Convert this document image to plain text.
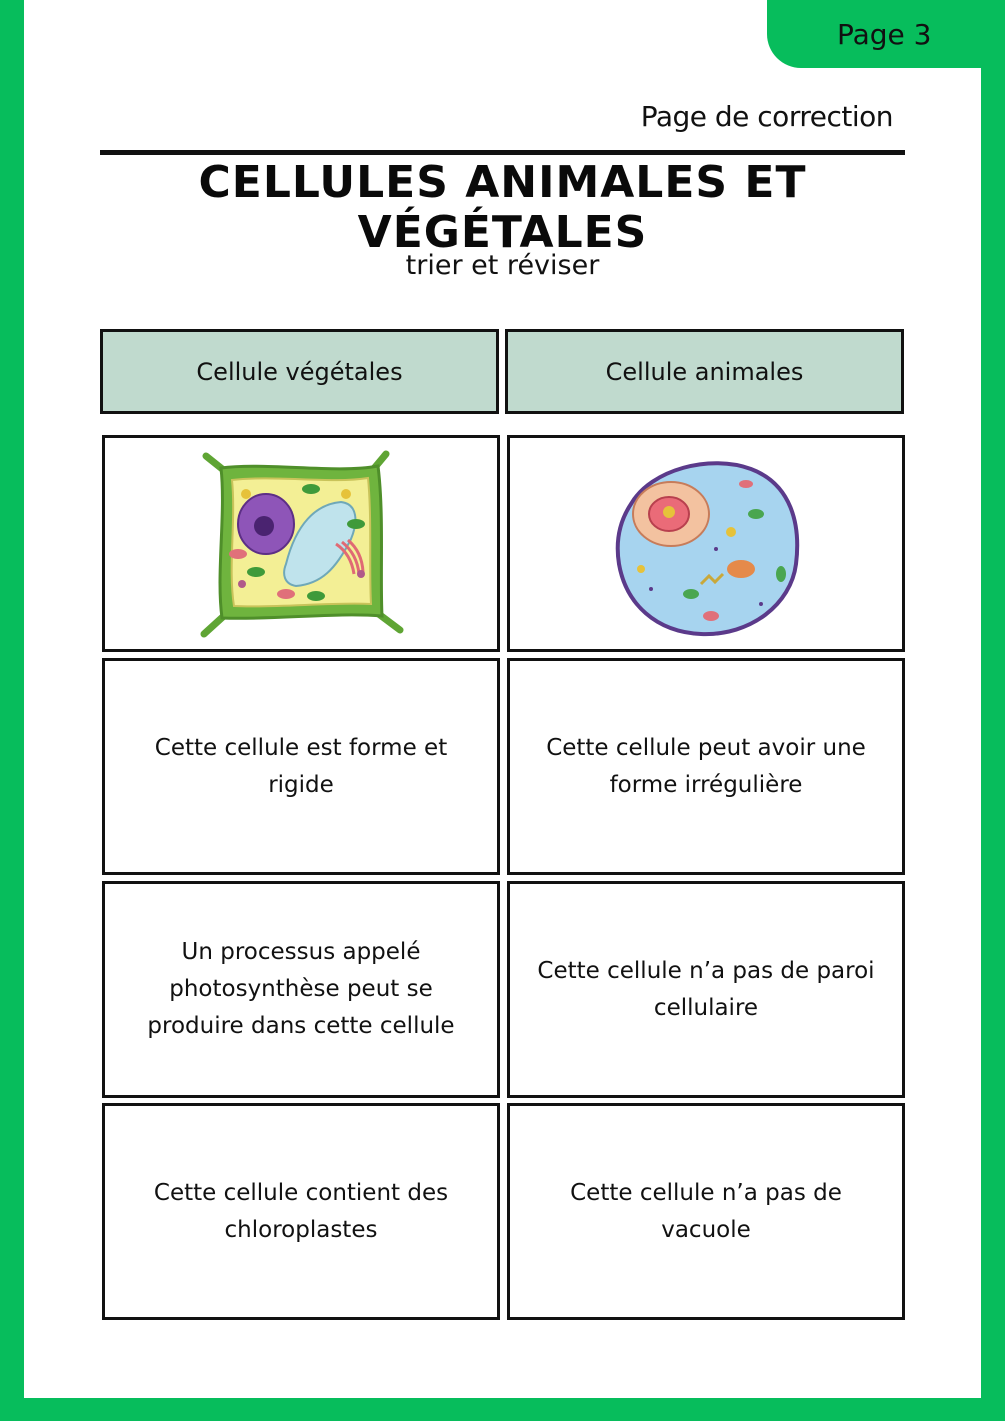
Page 3
Page de correction
CELLULES ANIMALES ET
VÉGÉTALES
trier et réviser
Cellule végétales	Cellule animales
Cette cellule est forme et rigide
Cette cellule peut avoir une forme irrégulière
Un processus appelé photosynthèse peut se produire dans cette cellule
Cette cellule n’a pas de paroi cellulaire
Cette cellule contient des chloroplastes
Cette cellule n’a pas de vacuole
